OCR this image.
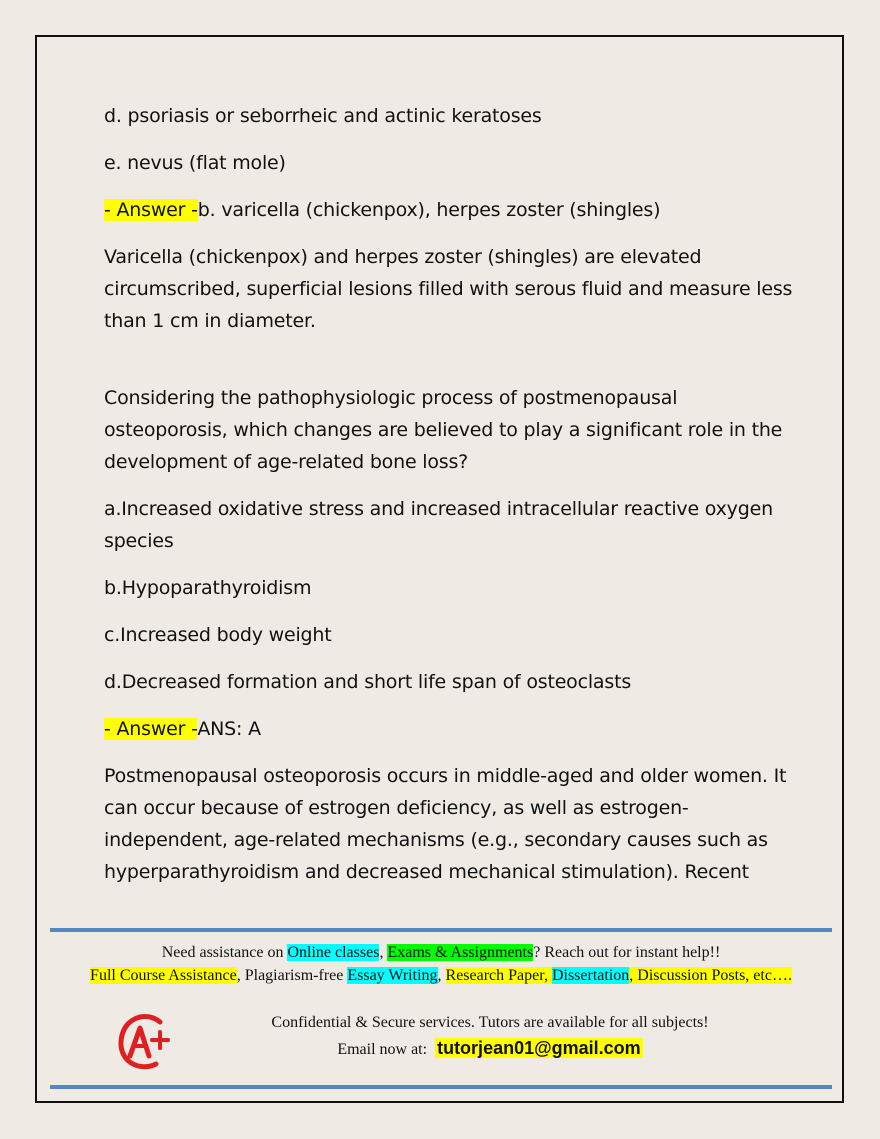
d. psoriasis or seborrheic and actinic keratoses

e. nevus (flat mole)

- Answer -b. varicella (chickenpox), herpes zoster (shingles)

Varicella (chickenpox) and herpes zoster (shingles) are elevated circumscribed, superficial lesions filled with serous fluid and measure less than 1 cm in diameter.

Considering the pathophysiologic process of postmenopausal osteoporosis, which changes are believed to play a significant role in the development of age-related bone loss?

a.Increased oxidative stress and increased intracellular reactive oxygen species

b.Hypoparathyroidism

c.Increased body weight

d.Decreased formation and short life span of osteoclasts

- Answer -ANS: A

Postmenopausal osteoporosis occurs in middle-aged and older women. It can occur because of estrogen deficiency, as well as estrogen-independent, age-related mechanisms (e.g., secondary causes such as hyperparathyroidism and decreased mechanical stimulation). Recent

Need assistance on Online classes, Exams & Assignments? Reach out for instant help!!
Full Course Assistance, Plagiarism-free Essay Writing, Research Paper, Dissertation, Discussion Posts, etc….
Confidential & Secure services. Tutors are available for all subjects!
Email now at: tutorjean01@gmail.com
